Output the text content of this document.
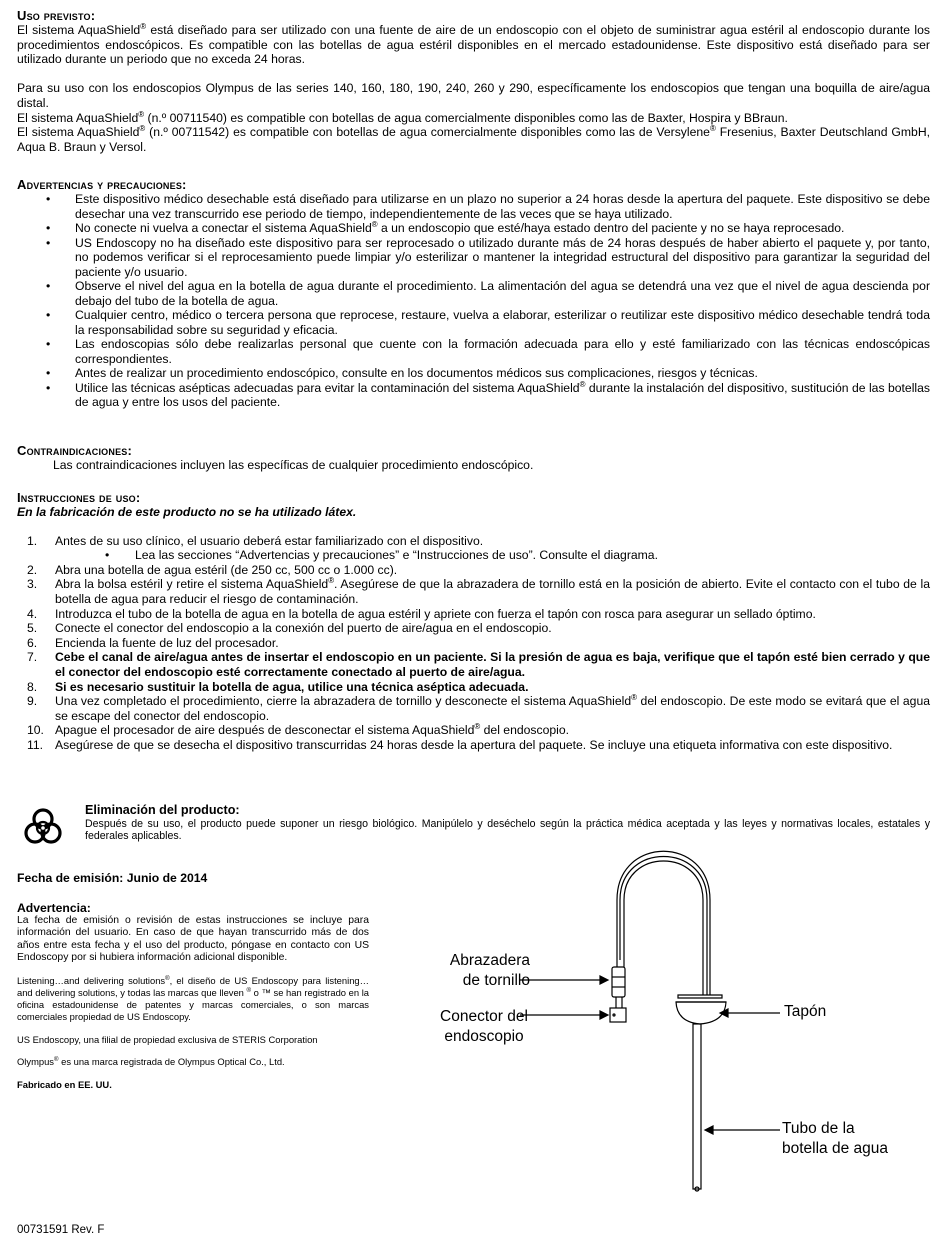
Uso previsto:

El sistema AquaShield® está diseñado para ser utilizado con una fuente de aire de un endoscopio con el objeto de suministrar agua estéril al endoscopio durante los procedimientos endoscópicos. Es compatible con las botellas de agua estéril disponibles en el mercado estadounidense. Este dispositivo está diseñado para ser utilizado durante un periodo que no exceda 24 horas.

Para su uso con los endoscopios Olympus de las series 140, 160, 180, 190, 240, 260 y 290, específicamente los endoscopios que tengan una boquilla de aire/agua distal.

El sistema AquaShield® (n.º 00711540) es compatible con botellas de agua comercialmente disponibles como las de Baxter, Hospira y BBraun.

El sistema AquaShield® (n.º 00711542) es compatible con botellas de agua comercialmente disponibles como las de Versylene® Fresenius, Baxter Deutschland GmbH, Aqua B. Braun y Versol.

Advertencias y precauciones:

• Este dispositivo médico desechable está diseñado para utilizarse en un plazo no superior a 24 horas desde la apertura del paquete. Este dispositivo se debe desechar una vez transcurrido ese periodo de tiempo, independientemente de las veces que se haya utilizado.
• No conecte ni vuelva a conectar el sistema AquaShield® a un endoscopio que esté/haya estado dentro del paciente y no se haya reprocesado.
• US Endoscopy no ha diseñado este dispositivo para ser reprocesado o utilizado durante más de 24 horas después de haber abierto el paquete y, por tanto, no podemos verificar si el reprocesamiento puede limpiar y/o esterilizar o mantener la integridad estructural del dispositivo para garantizar la seguridad del paciente y/o usuario.
• Observe el nivel del agua en la botella de agua durante el procedimiento. La alimentación del agua se detendrá una vez que el nivel de agua descienda por debajo del tubo de la botella de agua.
• Cualquier centro, médico o tercera persona que reprocese, restaure, vuelva a elaborar, esterilizar o reutilizar este dispositivo médico desechable tendrá toda la responsabilidad sobre su seguridad y eficacia.
• Las endoscopias sólo debe realizarlas personal que cuente con la formación adecuada para ello y esté familiarizado con las técnicas endoscópicas correspondientes.
• Antes de realizar un procedimiento endoscópico, consulte en los documentos médicos sus complicaciones, riesgos y técnicas.
• Utilice las técnicas asépticas adecuadas para evitar la contaminación del sistema AquaShield® durante la instalación del dispositivo, sustitución de las botellas de agua y entre los usos del paciente.

Contraindicaciones:

Las contraindicaciones incluyen las específicas de cualquier procedimiento endoscópico.

Instrucciones de uso:

En la fabricación de este producto no se ha utilizado látex.

1. Antes de su uso clínico, el usuario deberá estar familiarizado con el dispositivo.
• Lea las secciones “Advertencias y precauciones” e “Instrucciones de uso”. Consulte el diagrama.
2. Abra una botella de agua estéril (de 250 cc, 500 cc o 1.000 cc).
3. Abra la bolsa estéril y retire el sistema AquaShield®. Asegúrese de que la abrazadera de tornillo está en la posición de abierto. Evite el contacto con el tubo de la botella de agua para reducir el riesgo de contaminación.
4. Introduzca el tubo de la botella de agua en la botella de agua estéril y apriete con fuerza el tapón con rosca para asegurar un sellado óptimo.
5. Conecte el conector del endoscopio a la conexión del puerto de aire/agua en el endoscopio.
6. Encienda la fuente de luz del procesador.
7. Cebe el canal de aire/agua antes de insertar el endoscopio en un paciente. Si la presión de agua es baja, verifique que el tapón esté bien cerrado y que el conector del endoscopio esté correctamente conectado al puerto de aire/agua.
8. Si es necesario sustituir la botella de agua, utilice una técnica aséptica adecuada.
9. Una vez completado el procedimiento, cierre la abrazadera de tornillo y desconecte el sistema AquaShield® del endoscopio. De este modo se evitará que el agua se escape del conector del endoscopio.
10. Apague el procesador de aire después de desconectar el sistema AquaShield® del endoscopio.
11. Asegúrese de que se desecha el dispositivo transcurridas 24 horas desde la apertura del paquete. Se incluye una etiqueta informativa con este dispositivo.

Eliminación del producto:

Después de su uso, el producto puede suponer un riesgo biológico. Manipúlelo y deséchelo según la práctica médica aceptada y las leyes y normativas locales, estatales y federales aplicables.

Fecha de emisión: Junio de 2014

Advertencia:

La fecha de emisión o revisión de estas instrucciones se incluye para información del usuario. En caso de que hayan transcurrido más de dos años entre esta fecha y el uso del producto, póngase en contacto con US Endoscopy por si hubiera información adicional disponible.

Listening…and delivering solutions®, el diseño de US Endoscopy para listening…and delivering solutions, y todas las marcas que lleven ® o ™ se han registrado en la oficina estadounidense de patentes y marcas comerciales, o son marcas comerciales propiedad de US Endoscopy.

US Endoscopy, una filial de propiedad exclusiva de STERIS Corporation

Olympus® es una marca registrada de Olympus Optical Co., Ltd.

Fabricado en EE. UU.

Abrazadera
de tornillo
Conector del
endoscopio
Tapón
Tubo de la
botella de agua
00731591 Rev. F
